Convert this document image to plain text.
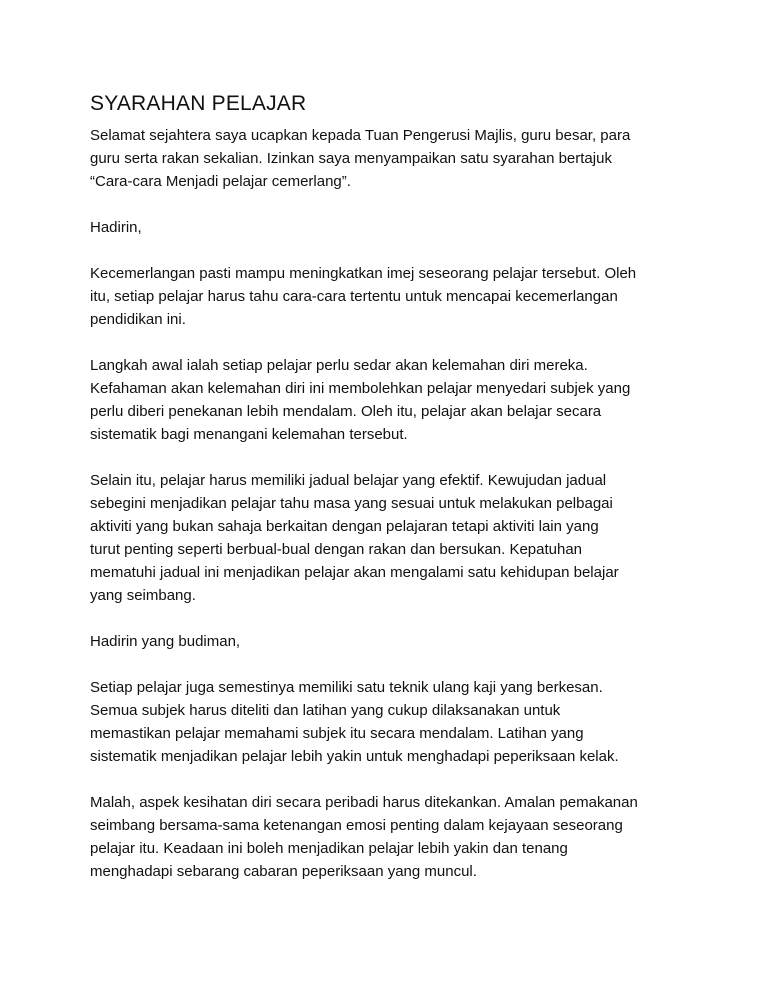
SYARAHAN PELAJAR
Selamat sejahtera saya ucapkan kepada Tuan Pengerusi Majlis, guru besar, para
guru serta rakan sekalian. Izinkan saya menyampaikan satu syarahan bertajuk
“Cara-cara Menjadi pelajar cemerlang”.
Hadirin,
Kecemerlangan pasti mampu meningkatkan imej seseorang pelajar tersebut. Oleh
itu, setiap pelajar harus tahu cara-cara tertentu untuk mencapai kecemerlangan
pendidikan ini.
Langkah awal ialah setiap pelajar perlu sedar akan kelemahan diri mereka.
Kefahaman akan kelemahan diri ini membolehkan pelajar menyedari subjek yang
perlu diberi penekanan lebih mendalam. Oleh itu, pelajar akan belajar secara
sistematik bagi menangani kelemahan tersebut.
Selain itu, pelajar harus memiliki jadual belajar yang efektif. Kewujudan jadual
sebegini menjadikan pelajar tahu masa yang sesuai untuk melakukan pelbagai
aktiviti yang bukan sahaja berkaitan dengan pelajaran tetapi aktiviti lain yang
turut penting seperti berbual-bual dengan rakan dan bersukan. Kepatuhan
mematuhi jadual ini menjadikan pelajar akan mengalami satu kehidupan belajar
yang seimbang.
Hadirin yang budiman,
Setiap pelajar juga semestinya memiliki satu teknik ulang kaji yang berkesan.
Semua subjek harus diteliti dan latihan yang cukup dilaksanakan untuk
memastikan pelajar memahami subjek itu secara mendalam. Latihan yang
sistematik menjadikan pelajar lebih yakin untuk menghadapi peperiksaan kelak.
Malah, aspek kesihatan diri secara peribadi harus ditekankan. Amalan pemakanan
seimbang bersama-sama ketenangan emosi penting dalam kejayaan seseorang
pelajar itu. Keadaan ini boleh menjadikan pelajar lebih yakin dan tenang
menghadapi sebarang cabaran peperiksaan yang muncul.
